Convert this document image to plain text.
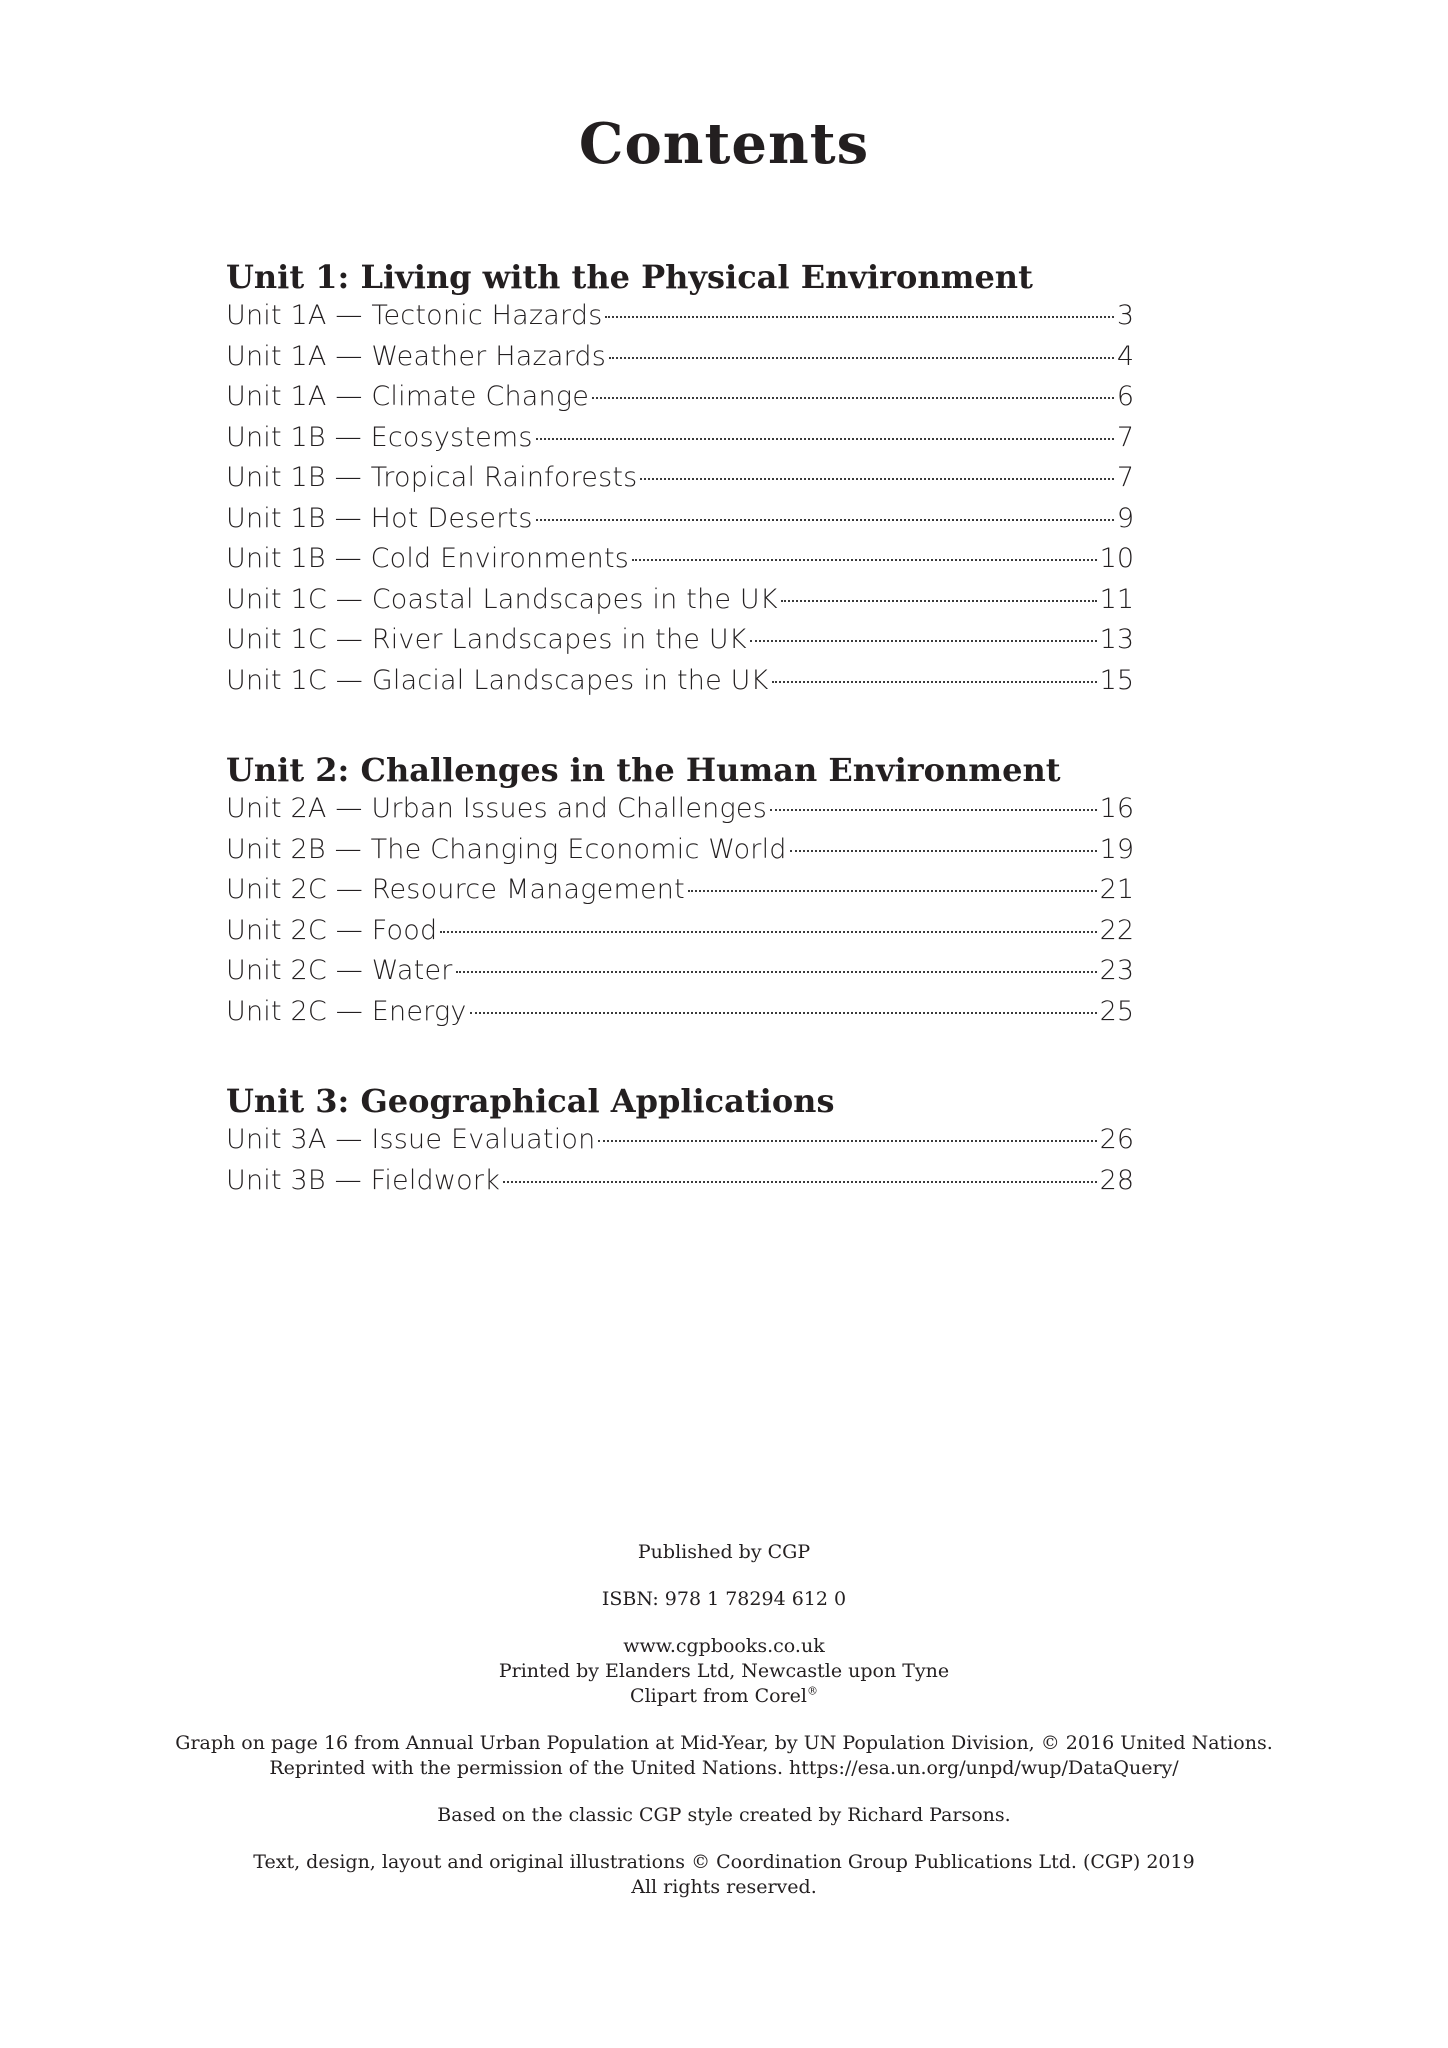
Contents
Unit 1: Living with the Physical Environment
Unit 1A — Tectonic Hazards	3
Unit 1A — Weather Hazards	4
Unit 1A — Climate Change	6
Unit 1B — Ecosystems	7
Unit 1B — Tropical Rainforests	7
Unit 1B — Hot Deserts	9
Unit 1B — Cold Environments	10
Unit 1C — Coastal Landscapes in the UK	11
Unit 1C — River Landscapes in the UK	13
Unit 1C — Glacial Landscapes in the UK	15
Unit 2: Challenges in the Human Environment
Unit 2A — Urban Issues and Challenges	16
Unit 2B — The Changing Economic World	19
Unit 2C — Resource Management	21
Unit 2C — Food	22
Unit 2C — Water	23
Unit 2C — Energy	25
Unit 3: Geographical Applications
Unit 3A — Issue Evaluation	26
Unit 3B — Fieldwork	28

Published by CGP

ISBN: 978 1 78294 612 0

www.cgpbooks.co.uk

Printed by Elanders Ltd, Newcastle upon Tyne

Clipart from Corel®

Graph on page 16 from Annual Urban Population at Mid-Year, by UN Population Division, © 2016 United Nations.

Reprinted with the permission of the United Nations. https://esa.un.org/unpd/wup/DataQuery/

Based on the classic CGP style created by Richard Parsons.

Text, design, layout and original illustrations © Coordination Group Publications Ltd. (CGP) 2019

All rights reserved.
